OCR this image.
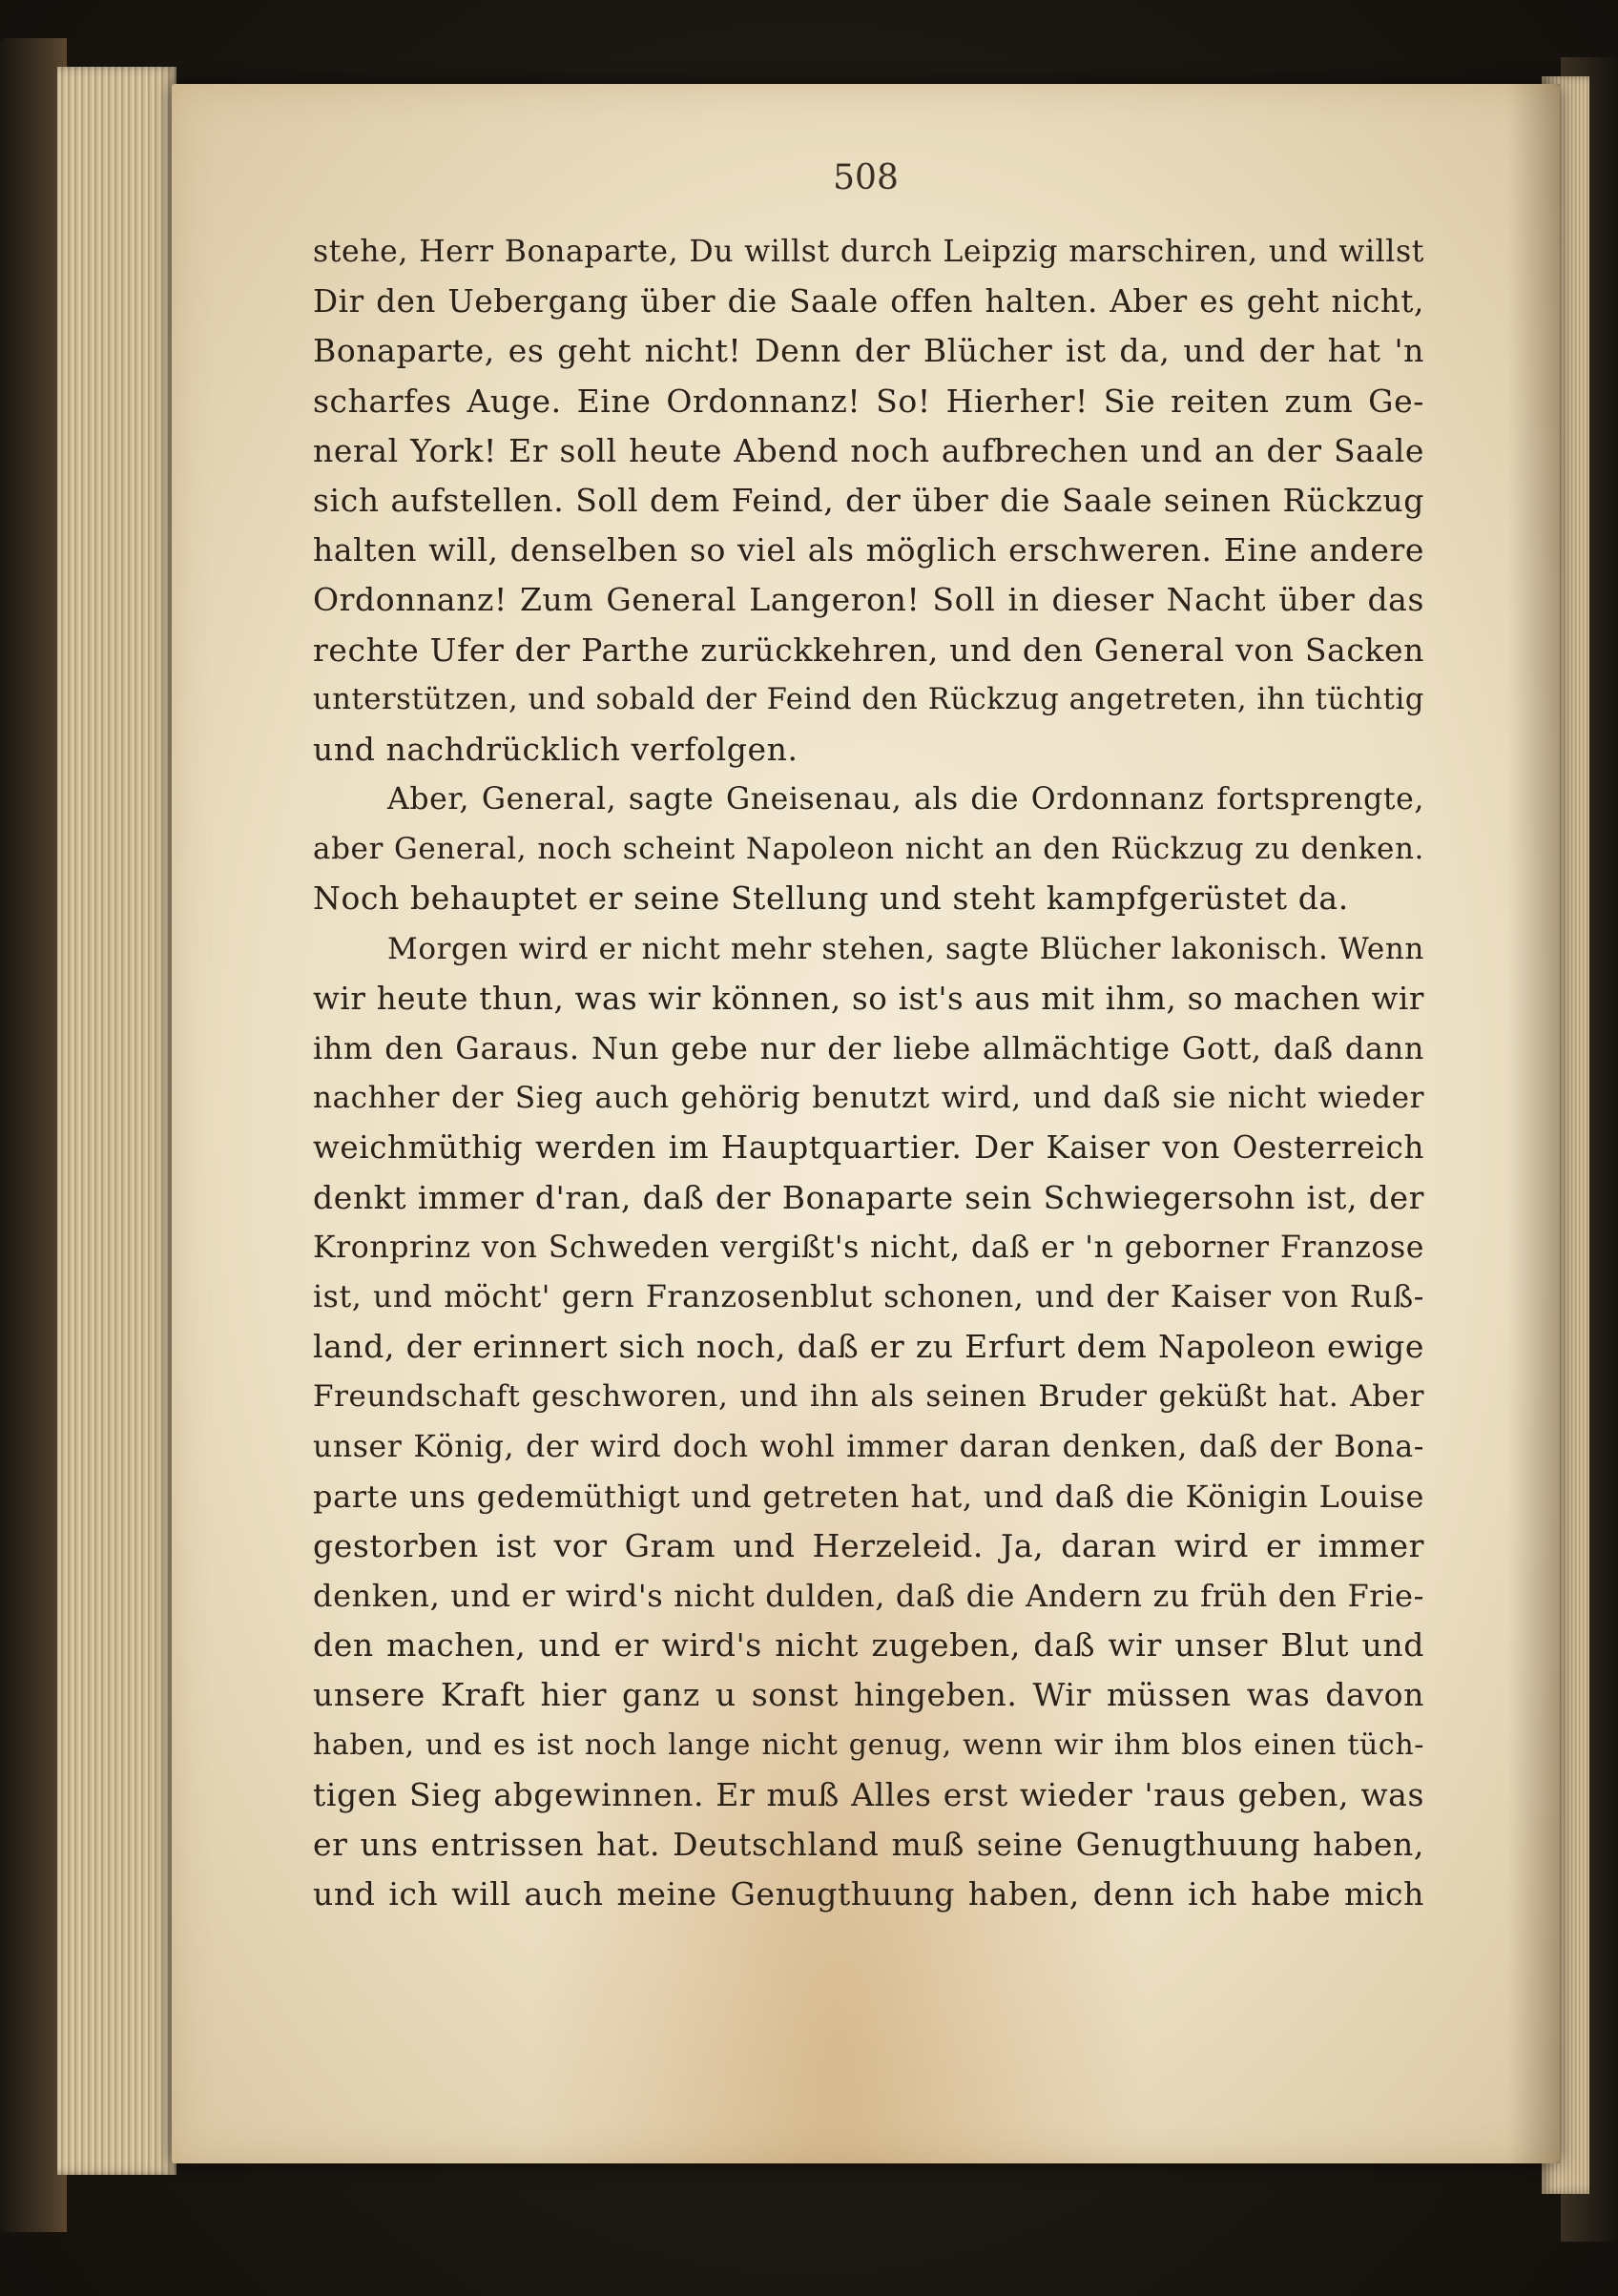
508
stehe, Herr Bonaparte, Du willst durch Leipzig marschiren, und willst
Dir den Uebergang über die Saale offen halten. Aber es geht nicht,
Bonaparte, es geht nicht! Denn der Blücher ist da, und der hat 'n
scharfes Auge. Eine Ordonnanz! So! Hierher! Sie reiten zum Ge-
neral York! Er soll heute Abend noch aufbrechen und an der Saale
sich aufstellen. Soll dem Feind, der über die Saale seinen Rückzug
halten will, denselben so viel als möglich erschweren. Eine andere
Ordonnanz! Zum General Langeron! Soll in dieser Nacht über das
rechte Ufer der Parthe zurückkehren, und den General von Sacken
unterstützen, und sobald der Feind den Rückzug angetreten, ihn tüchtig
und nachdrücklich verfolgen.
Aber, General, sagte Gneisenau, als die Ordonnanz fortsprengte,
aber General, noch scheint Napoleon nicht an den Rückzug zu denken.
Noch behauptet er seine Stellung und steht kampfgerüstet da.
Morgen wird er nicht mehr stehen, sagte Blücher lakonisch. Wenn
wir heute thun, was wir können, so ist's aus mit ihm, so machen wir
ihm den Garaus. Nun gebe nur der liebe allmächtige Gott, daß dann
nachher der Sieg auch gehörig benutzt wird, und daß sie nicht wieder
weichmüthig werden im Hauptquartier. Der Kaiser von Oesterreich
denkt immer d'ran, daß der Bonaparte sein Schwiegersohn ist, der
Kronprinz von Schweden vergißt's nicht, daß er 'n geborner Franzose
ist, und möcht' gern Franzosenblut schonen, und der Kaiser von Ruß-
land, der erinnert sich noch, daß er zu Erfurt dem Napoleon ewige
Freundschaft geschworen, und ihn als seinen Bruder geküßt hat. Aber
unser König, der wird doch wohl immer daran denken, daß der Bona-
parte uns gedemüthigt und getreten hat, und daß die Königin Louise
gestorben ist vor Gram und Herzeleid. Ja, daran wird er immer
denken, und er wird's nicht dulden, daß die Andern zu früh den Frie-
den machen, und er wird's nicht zugeben, daß wir unser Blut und
unsere Kraft hier ganz u sonst hingeben. Wir müssen was davon
haben, und es ist noch lange nicht genug, wenn wir ihm blos einen tüch-
tigen Sieg abgewinnen. Er muß Alles erst wieder 'raus geben, was
er uns entrissen hat. Deutschland muß seine Genugthuung haben,
und ich will auch meine Genugthuung haben, denn ich habe mich
